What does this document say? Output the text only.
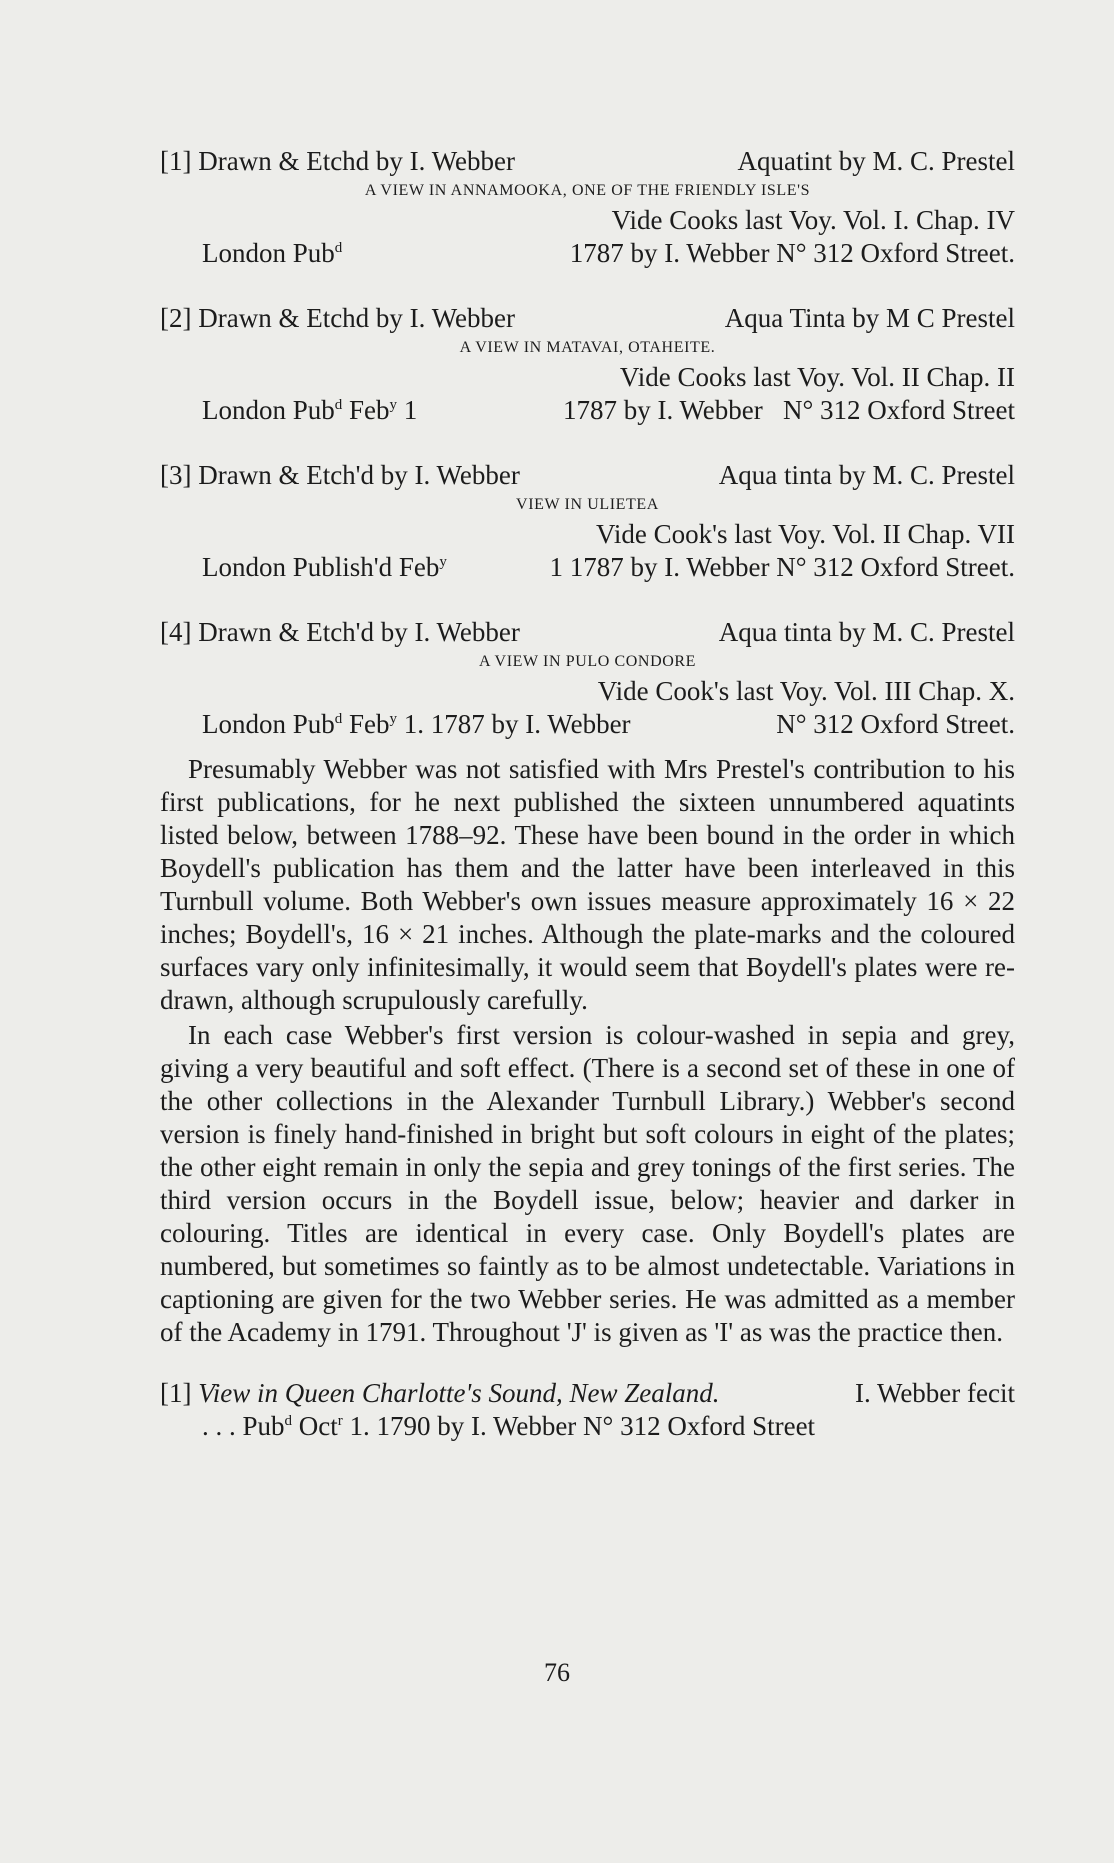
[1] Drawn & Etchd by I. Webber	Aquatint by M. C. Prestel
A VIEW IN ANNAMOOKA, ONE OF THE FRIENDLY ISLE'S
Vide Cooks last Voy. Vol. I. Chap. IV
London Pub$^d$	1787 by I. Webber N° 312 Oxford Street.
[2] Drawn & Etchd by I. Webber	Aqua Tinta by M C Prestel
A VIEW IN MATAVAI, OTAHEITE.
Vide Cooks last Voy. Vol. II Chap. II
London Pub$^d$ Feb$^y$ 1	1787 by I. Webber   N° 312 Oxford Street
[3] Drawn & Etch'd by I. Webber	Aqua tinta by M. C. Prestel
VIEW IN ULIETEA
Vide Cook's last Voy. Vol. II Chap. VII
London Publish'd Feb$^y$	1 1787 by I. Webber N° 312 Oxford Street.
[4] Drawn & Etch'd by I. Webber	Aqua tinta by M. C. Prestel
A VIEW IN PULO CONDORE
Vide Cook's last Voy. Vol. III Chap. X.
London Pub$^d$ Feb$^y$ 1. 1787 by I. Webber	N° 312 Oxford Street.

Presumably Webber was not satisfied with Mrs Prestel's contribution to his first publications, for he next published the sixteen unnumbered aquatints listed below, between 1788–92. These have been bound in the order in which Boydell's publication has them and the latter have been interleaved in this Turnbull volume. Both Webber's own issues measure approximately 16 × 22 inches; Boydell's, 16 × 21 inches. Although the plate-marks and the coloured surfaces vary only infinitesimally, it would seem that Boydell's plates were re-drawn, although scrupulously carefully.

In each case Webber's first version is colour-washed in sepia and grey, giving a very beautiful and soft effect. (There is a second set of these in one of the other collections in the Alexander Turnbull Library.) Webber's second version is finely hand-finished in bright but soft colours in eight of the plates; the other eight remain in only the sepia and grey tonings of the first series. The third version occurs in the Boydell issue, below; heavier and darker in colouring. Titles are identical in every case. Only Boydell's plates are numbered, but sometimes so faintly as to be almost undetectable. Variations in captioning are given for the two Webber series. He was admitted as a member of the Academy in 1791. Throughout 'J' is given as 'I' as was the practice then.

[1] View in Queen Charlotte's Sound, New Zealand.	I. Webber fecit
. . . Pub$^d$ Oct$^r$ 1. 1790 by I. Webber N° 312 Oxford Street
76
